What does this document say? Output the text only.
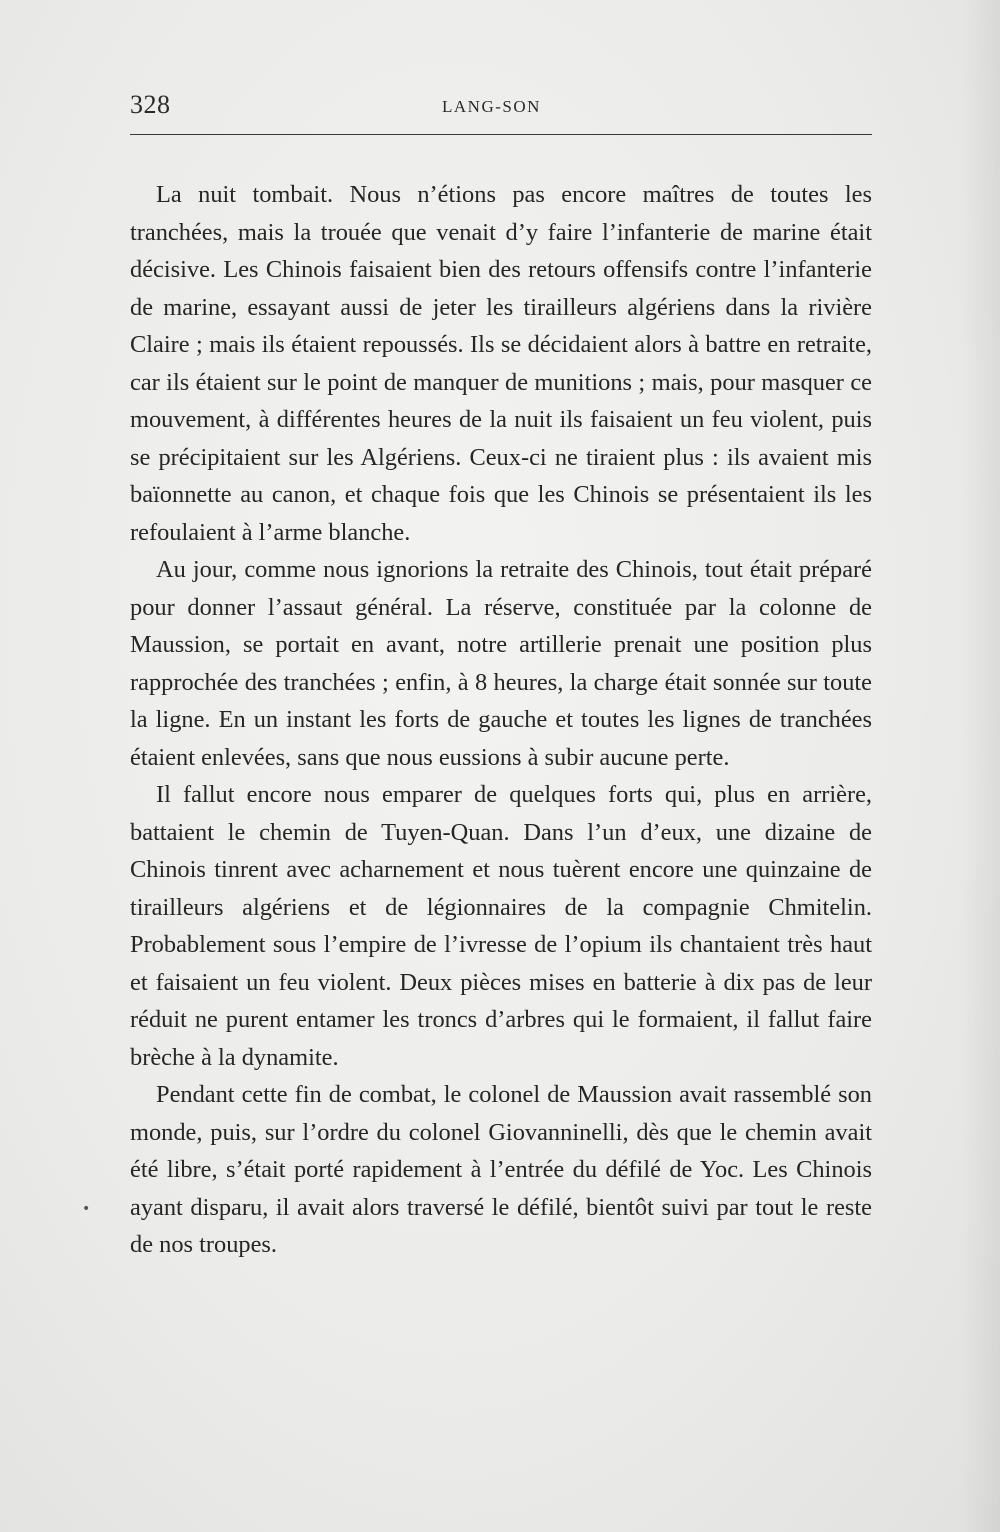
328	LANG-SON

La nuit tombait. Nous n’étions pas encore maîtres de toutes les tranchées, mais la trouée que venait d’y faire l’infanterie de marine était décisive. Les Chinois faisaient bien des retours offensifs contre l’infanterie de marine, essayant aussi de jeter les tirailleurs algériens dans la rivière Claire ; mais ils étaient repoussés. Ils se décidaient alors à battre en retraite, car ils étaient sur le point de manquer de munitions ; mais, pour masquer ce mouvement, à différentes heures de la nuit ils faisaient un feu violent, puis se précipitaient sur les Algériens. Ceux-ci ne tiraient plus : ils avaient mis baïonnette au canon, et chaque fois que les Chinois se présentaient ils les refoulaient à l’arme blanche.

Au jour, comme nous ignorions la retraite des Chinois, tout était préparé pour donner l’assaut général. La réserve, constituée par la colonne de Maussion, se portait en avant, notre artillerie prenait une position plus rapprochée des tranchées ; enfin, à 8 heures, la charge était sonnée sur toute la ligne. En un instant les forts de gauche et toutes les lignes de tranchées étaient enlevées, sans que nous eussions à subir aucune perte.

Il fallut encore nous emparer de quelques forts qui, plus en arrière, battaient le chemin de Tuyen-Quan. Dans l’un d’eux, une dizaine de Chinois tinrent avec acharnement et nous tuèrent encore une quinzaine de tirailleurs algériens et de légionnaires de la compagnie Chmitelin. Probablement sous l’empire de l’ivresse de l’opium ils chantaient très haut et faisaient un feu violent. Deux pièces mises en batterie à dix pas de leur réduit ne purent entamer les troncs d’arbres qui le formaient, il fallut faire brèche à la dynamite.

Pendant cette fin de combat, le colonel de Maussion avait rassemblé son monde, puis, sur l’ordre du colonel Giovanninelli, dès que le chemin avait été libre, s’était porté rapidement à l’entrée du défilé de Yoc. Les Chinois ayant disparu, il avait alors traversé le défilé, bientôt suivi par tout le reste de nos troupes.

•
